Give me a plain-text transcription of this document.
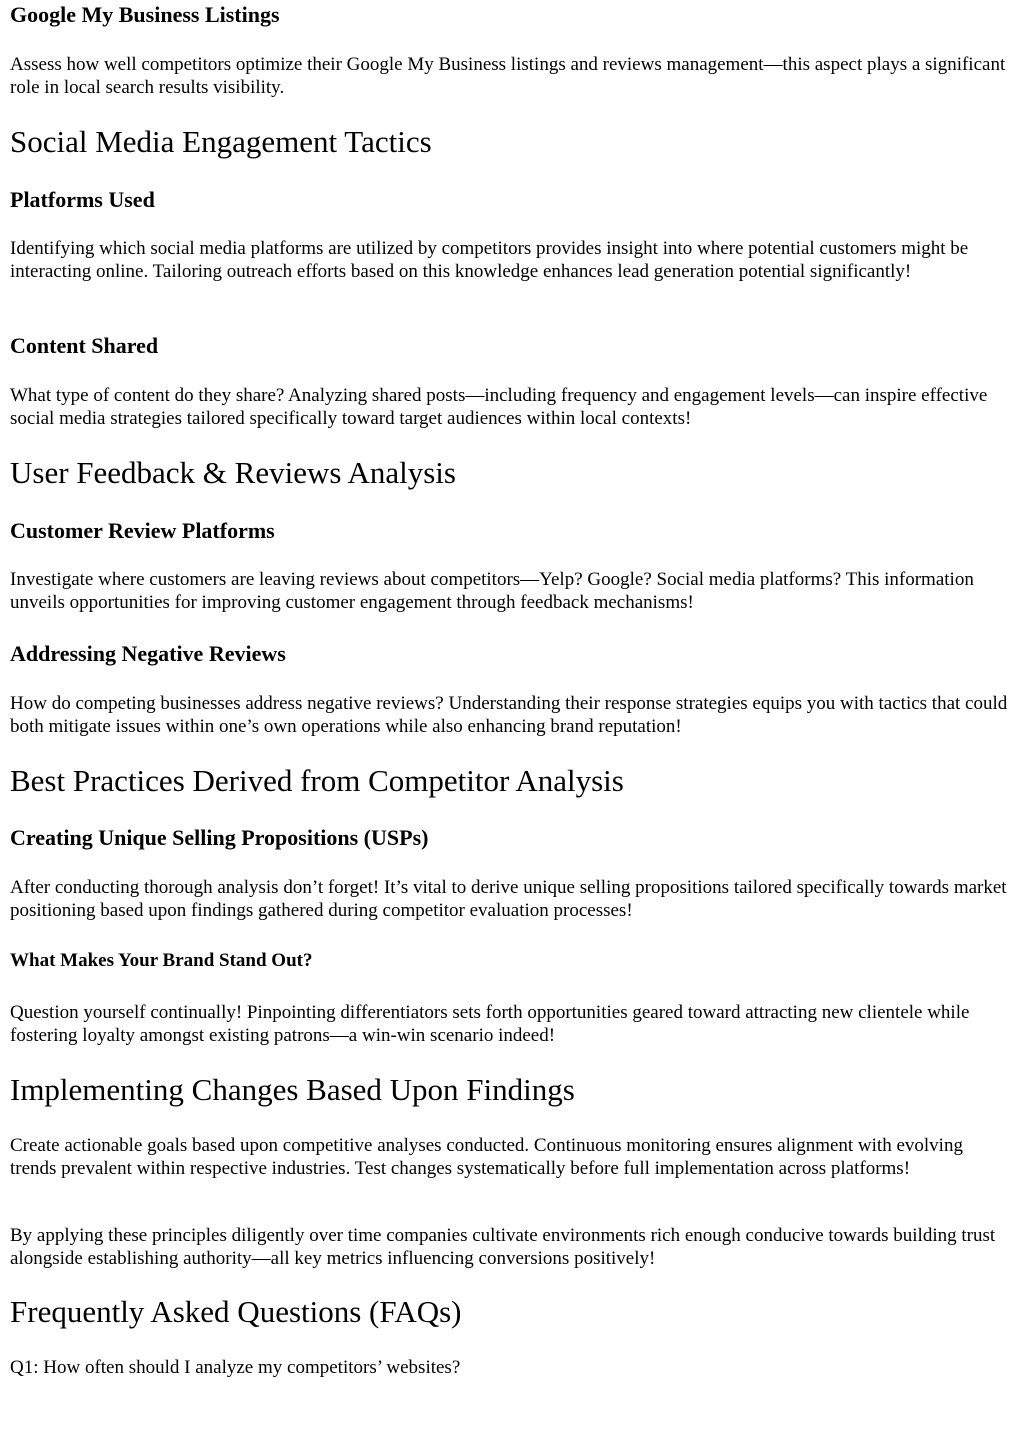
Google My Business Listings

Assess how well competitors optimize their Google My Business listings and reviews management—this aspect plays a significant role in local search results visibility.

Social Media Engagement Tactics
Platforms Used

Identifying which social media platforms are utilized by competitors provides insight into where potential customers might be interacting online. Tailoring outreach efforts based on this knowledge enhances lead generation potential significantly!

Content Shared

What type of content do they share? Analyzing shared posts—including frequency and engagement levels—can inspire effective social media strategies tailored specifically toward target audiences within local contexts!

User Feedback & Reviews Analysis
Customer Review Platforms

Investigate where customers are leaving reviews about competitors—Yelp? Google? Social media platforms? This information unveils opportunities for improving customer engagement through feedback mechanisms!

Addressing Negative Reviews

How do competing businesses address negative reviews? Understanding their response strategies equips you with tactics that could both mitigate issues within one’s own operations while also enhancing brand reputation!

Best Practices Derived from Competitor Analysis
Creating Unique Selling Propositions (USPs)

After conducting thorough analysis don’t forget! It’s vital to derive unique selling propositions tailored specifically towards market positioning based upon findings gathered during competitor evaluation processes!

What Makes Your Brand Stand Out?

Question yourself continually! Pinpointing differentiators sets forth opportunities geared toward attracting new clientele while fostering loyalty amongst existing patrons—a win-win scenario indeed!

Implementing Changes Based Upon Findings

Create actionable goals based upon competitive analyses conducted. Continuous monitoring ensures alignment with evolving trends prevalent within respective industries. Test changes systematically before full implementation across platforms!

By applying these principles diligently over time companies cultivate environments rich enough conducive towards building trust alongside establishing authority—all key metrics influencing conversions positively!

Frequently Asked Questions (FAQs)

Q1: How often should I analyze my competitors’ websites?
